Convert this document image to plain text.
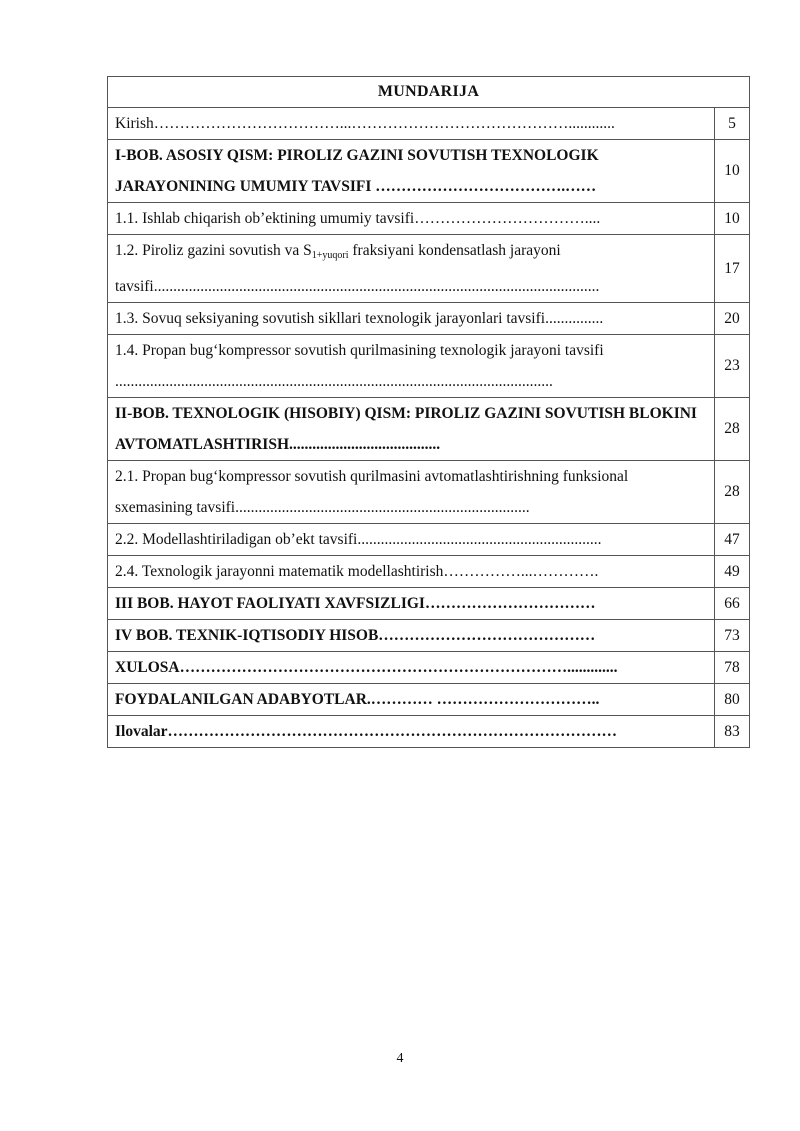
MUNDARIJA	
Kirish………………………………...……………………………………............	5
I-BOB. ASOSIY QISM: PIROLIZ GAZINI SOVUTISH TEXNOLOGIK JARAYONINING UMUMIY TAVSIFI ……………………………….……	10
1.1. Ishlab chiqarish ob’ektining umumiy tavsifi……………………………....	10
1.2. Piroliz gazini sovutish va $S_{1+yuqori}$ fraksiyani kondensatlash jarayoni tavsifi...................................................................................................................	17
1.3. Sovuq seksiyaning sovutish sikllari texnologik jarayonlari tavsifi...............	20
1.4. Propan bug‘kompressor sovutish qurilmasining texnologik jarayoni tavsifi .................................................................................................................	23
II-BOB. TEXNOLOGIK (HISOBIY) QISM: PIROLIZ GAZINI SOVUTISH BLOKINI AVTOMATLASHTIRISH.......................................	28
2.1. Propan bug‘kompressor sovutish qurilmasini avtomatlashtirishning funksional sxemasining tavsifi............................................................................	28
2.2. Modellashtiriladigan ob’ekt tavsifi...............................................................	47
2.4. Texnologik jarayonni matematik modellashtirish……………...………….	49
III BOB. HAYOT FAOLIYATI XAVFSIZLIGI……………………………	66
IV BOB. TEXNIK-IQTISODIY HISOB……………………………………	73
XULOSA………………………………………………………………….............	78
FOYDALANILGAN ADABYOTLAR.………… …………………………..	80
Ilovalar……………………………………………………………………………	83
4
